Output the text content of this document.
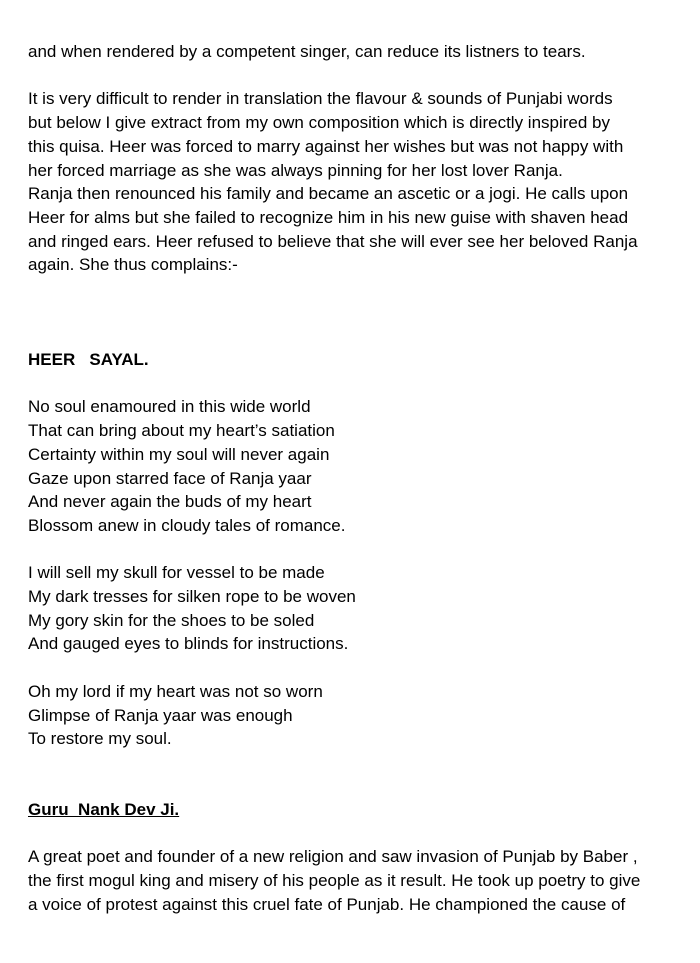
and when rendered by a competent singer, can reduce its listners to tears.
It is very difficult to render in translation the flavour & sounds of Punjabi words
but below I give extract from my own composition which is directly inspired by
this quisa. Heer was forced to marry against her wishes but was not happy with
her forced marriage as she was always pinning for her lost lover Ranja.
Ranja then renounced his family and became an ascetic or a jogi. He calls upon
Heer for alms but she failed to recognize him in his new guise with shaven head
and ringed ears. Heer refused to believe that she will ever see her beloved Ranja
again. She thus complains:-
HEER   SAYAL.
No soul enamoured in this wide world
That can bring about my heart’s satiation
Certainty within my soul will never again
Gaze upon starred face of Ranja yaar
And never again the buds of my heart
Blossom anew in cloudy tales of romance.
I will sell my skull for vessel to be made
My dark tresses for silken rope to be woven
My gory skin for the shoes to be soled
And gauged eyes to blinds for instructions.
Oh my lord if my heart was not so worn
Glimpse of Ranja yaar was enough
To restore my soul.
Guru  Nank Dev Ji.
A great poet and founder of a new religion and saw invasion of Punjab by Baber ,
the first mogul king and misery of his people as it result. He took up poetry to give
a voice of protest against this cruel fate of Punjab. He championed the cause of
